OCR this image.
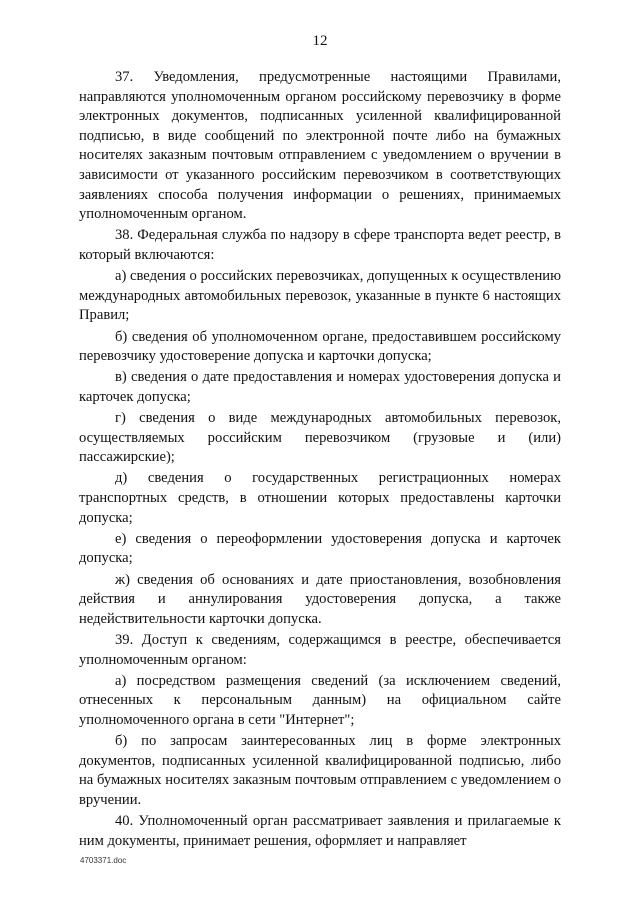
12

37. Уведомления, предусмотренные настоящими Правилами, направляются уполномоченным органом российскому перевозчику в форме электронных документов, подписанных усиленной квалифицированной подписью, в виде сообщений по электронной почте либо на бумажных носителях заказным почтовым отправлением с уведомлением о вручении в зависимости от указанного российским перевозчиком в соответствующих заявлениях способа получения информации о решениях, принимаемых уполномоченным органом.

38. Федеральная служба по надзору в сфере транспорта ведет реестр, в который включаются:

а) сведения о российских перевозчиках, допущенных к осуществлению международных автомобильных перевозок, указанные в пункте 6 настоящих Правил;

б) сведения об уполномоченном органе, предоставившем российскому перевозчику удостоверение допуска и карточки допуска;

в) сведения о дате предоставления и номерах удостоверения допуска и карточек допуска;

г) сведения о виде международных автомобильных перевозок, осуществляемых российским перевозчиком (грузовые и (или) пассажирские);

д) сведения о государственных регистрационных номерах транспортных средств, в отношении которых предоставлены карточки допуска;

е) сведения о переоформлении удостоверения допуска и карточек допуска;

ж) сведения об основаниях и дате приостановления, возобновления действия и аннулирования удостоверения допуска, а также недействительности карточки допуска.

39. Доступ к сведениям, содержащимся в реестре, обеспечивается уполномоченным органом:

а) посредством размещения сведений (за исключением сведений, отнесенных к персональным данным) на официальном сайте уполномоченного органа в сети "Интернет";

б) по запросам заинтересованных лиц в форме электронных документов, подписанных усиленной квалифицированной подписью, либо на бумажных носителях заказным почтовым отправлением с уведомлением о вручении.

40. Уполномоченный орган рассматривает заявления и прилагаемые к ним документы, принимает решения, оформляет и направляет

4703371.doc
